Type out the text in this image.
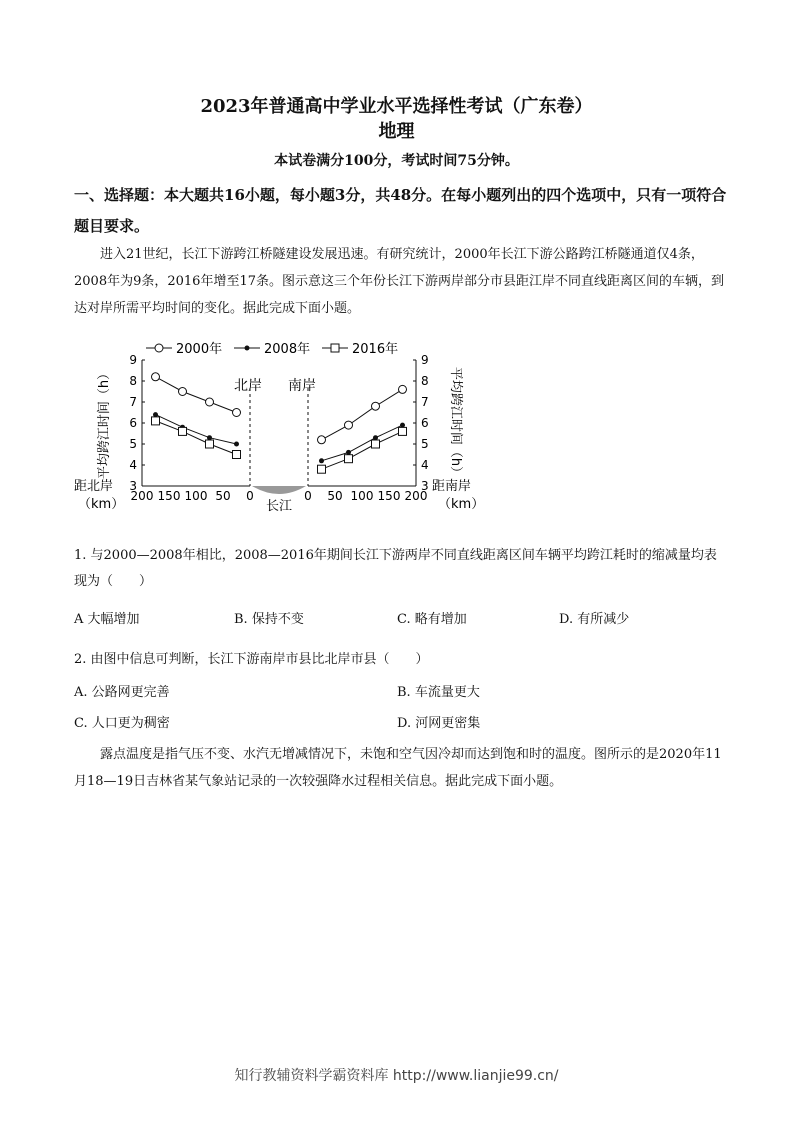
2023年普通高中学业水平选择性考试（广东卷）
地理
本试卷满分100分，考试时间75分钟。
一、选择题：本大题共16小题，每小题3分，共48分。在每小题列出的四个选项中，只有一项符合题目要求。
进入21世纪，长江下游跨江桥隧建设发展迅速。有研究统计，2000年长江下游公路跨江桥隧通道仅4条，2008年为9条，2016年增至17条。图示意这三个年份长江下游两岸部分市县距江岸不同直线距离区间的车辆，到达对岸所需平均时间的变化。据此完成下面小题。
3	3
4	4
5	5
6	6
7	7
8	8
9	9
200 150 100 50 0	0 50 100 150 200
平均跨江时间（h）	平均跨江时间（h）
距北岸
（km）
距南岸
（km）
北岸 南岸
长江
2000年	2008年	2016年
1. 与2000—2008年相比，2008—2016年期间长江下游两岸不同直线距离区间车辆平均跨江耗时的缩减量均表现为（　　）
A 大幅增加	B. 保持不变	C. 略有增加	D. 有所减少
2. 由图中信息可判断，长江下游南岸市县比北岸市县（　　）
A. 公路网更完善	B. 车流量更大
C. 人口更为稠密	D. 河网更密集
露点温度是指气压不变、水汽无增减情况下，未饱和空气因冷却而达到饱和时的温度。图所示的是2020年11月18—19日吉林省某气象站记录的一次较强降水过程相关信息。据此完成下面小题。
知行教辅资料学霸资料库 http://www.lianjie99.cn/
